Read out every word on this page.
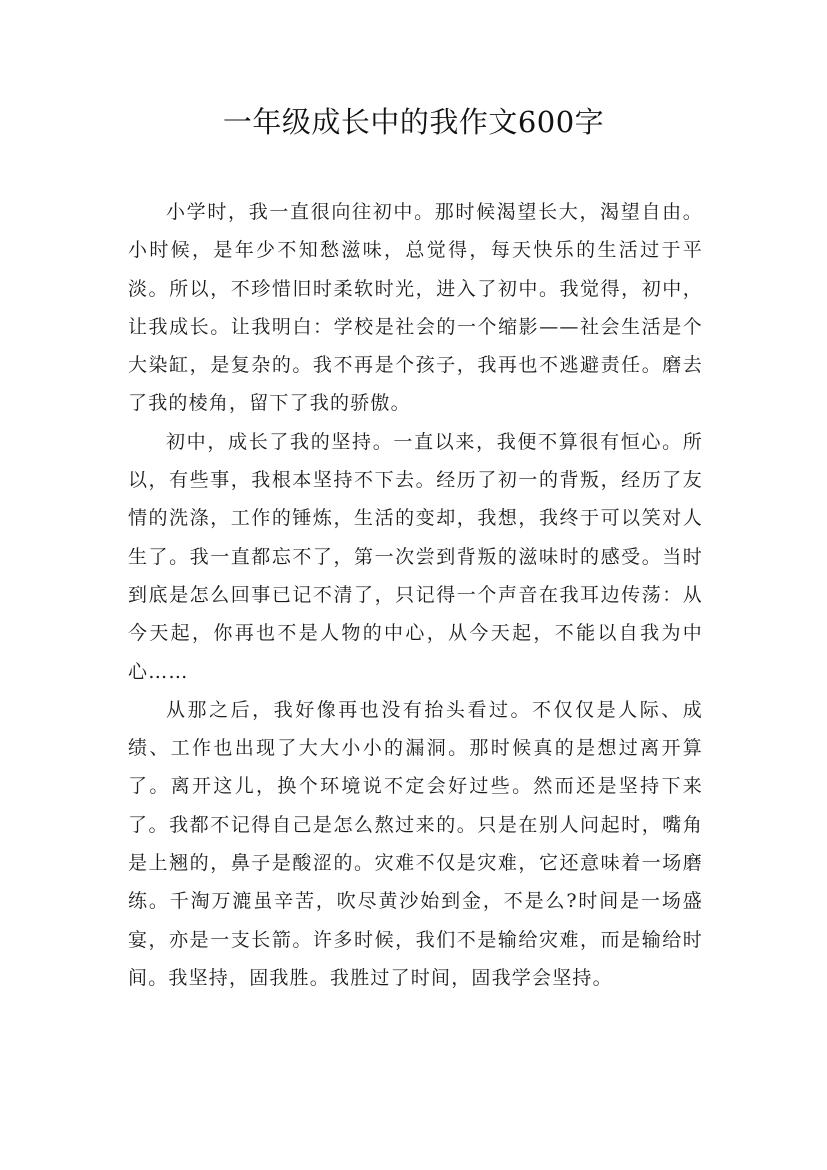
一年级成长中的我作文600字

小学时，我一直很向往初中。那时候渴望长大，渴望自由。小时候，是年少不知愁滋味，总觉得，每天快乐的生活过于平淡。所以，不珍惜旧时柔软时光，进入了初中。我觉得，初中，让我成长。让我明白：学校是社会的一个缩影——社会生活是个大染缸，是复杂的。我不再是个孩子，我再也不逃避责任。磨去了我的棱角，留下了我的骄傲。

初中，成长了我的坚持。一直以来，我便不算很有恒心。所以，有些事，我根本坚持不下去。经历了初一的背叛，经历了友情的洗涤，工作的锤炼，生活的变却，我想，我终于可以笑对人生了。我一直都忘不了，第一次尝到背叛的滋味时的感受。当时到底是怎么回事已记不清了，只记得一个声音在我耳边传荡：从今天起，你再也不是人物的中心，从今天起，不能以自我为中心……

从那之后，我好像再也没有抬头看过。不仅仅是人际、成绩、工作也出现了大大小小的漏洞。那时候真的是想过离开算了。离开这儿，换个环境说不定会好过些。然而还是坚持下来了。我都不记得自己是怎么熬过来的。只是在别人问起时，嘴角是上翘的，鼻子是酸涩的。灾难不仅是灾难，它还意味着一场磨练。千淘万漉虽辛苦，吹尽黄沙始到金，不是么?时间是一场盛宴，亦是一支长箭。许多时候，我们不是输给灾难，而是输给时间。我坚持，固我胜。我胜过了时间，固我学会坚持。
